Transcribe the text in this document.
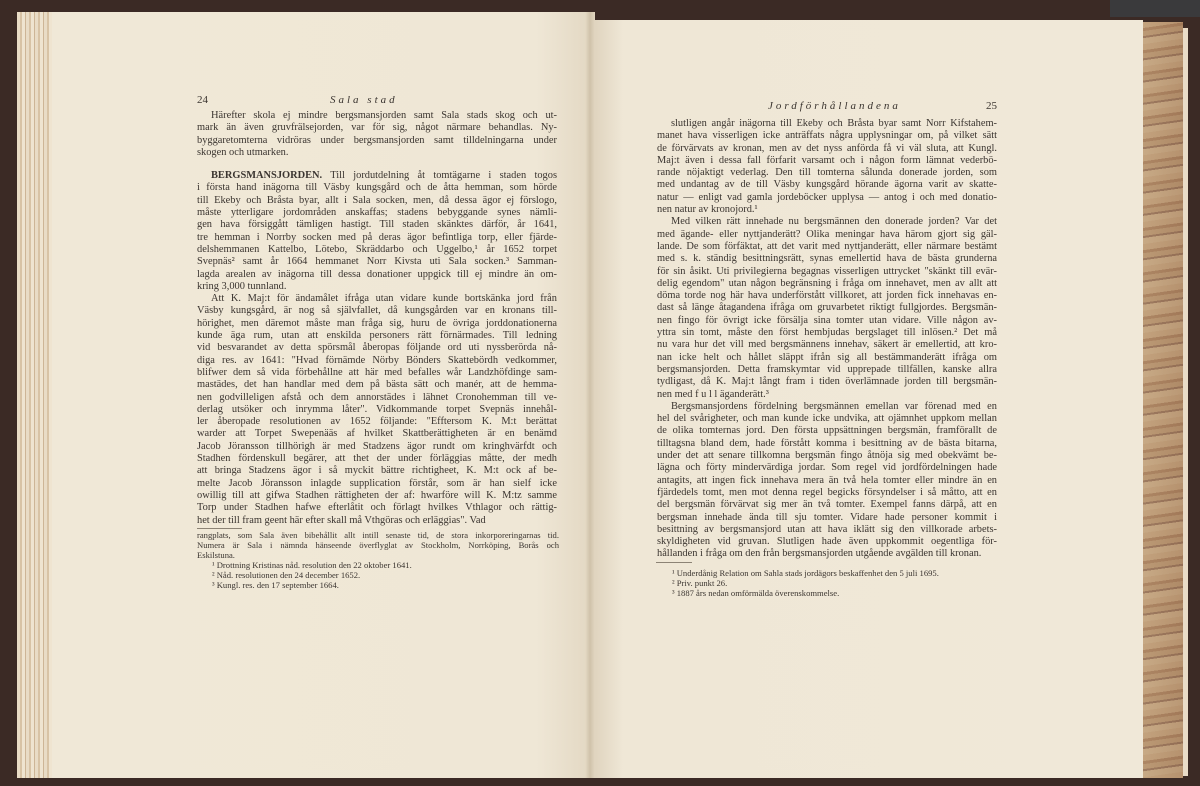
24	Sala stad
Härefter skola ej mindre bergsmansjorden samt Sala stads skog och ut-
mark än även gruvfrälsejorden, var för sig, något närmare behandlas. Ny-
byggaretomterna vidröras under bergsmansjorden samt tilldelningarna under
skogen och utmarken.
BERGSMANSJORDEN. Till jordutdelning åt tomtägarne i staden togos
i första hand inägorna till Väsby kungsgård och de åtta hemman, som hörde
till Ekeby och Bråsta byar, allt i Sala socken, men, då dessa ägor ej förslogo,
måste ytterligare jordområden anskaffas; stadens bebyggande synes nämli-
gen hava försiggått tämligen hastigt. Till staden skänktes därför, år 1641,
tre hemman i Norrby socken med på deras ägor befintliga torp, eller fjärde-
delshemmanen Kattelbo, Lötebo, Skräddarbo och Uggelbo,¹ år 1652 torpet
Svepnäs² samt år 1664 hemmanet Norr Kivsta uti Sala socken.³ Samman-
lagda arealen av inägorna till dessa donationer uppgick till ej mindre än om-
kring 3,000 tunnland.
Att K. Maj:t för ändamålet ifråga utan vidare kunde bortskänka jord från
Väsby kungsgård, är nog så självfallet, då kungsgården var en kronans till-
hörighet, men däremot måste man fråga sig, huru de övriga jorddonationerna
kunde äga rum, utan att enskilda personers rätt förnärmades. Till ledning
vid besvarandet av detta spörsmål åberopas följande ord uti nyssberörda nå-
diga res. av 1641: "Hvad förnämde Nörby Bönders Skattebördh vedkommer,
blifwer dem så vida förbehållne att här med befalles wår Landzhöfdinge sam-
mastädes, det han handlar med dem på bästa sätt och manér, att de hemma-
nen godvilleligen afstå och dem annorstädes i lähnet Cronohemman till ve-
derlag utsöker och inrymma låter". Vidkommande torpet Svepnäs innehål-
ler åberopade resolutionen av 1652 följande: "Efftersom K. M:t berättat
warder att Torpet Swepenääs af hvilket Skattberättigheten är en benämd
Jacob Jöransson tillhörigh är med Stadzens ägor rundt om kringhvärfdt och
Stadhen fördenskull begärer, att thet der under förläggias måtte, der medh
att bringa Stadzens ägor i så myckit bättre richtigheet, K. M:t ock af be-
melte Jacob Jöransson inlagde supplication förstår, som är han sielf icke
owillig till att gifwa Stadhen rättigheten der af: hwarföre will K. M:tz samme
Torp under Stadhen hafwe efterlåtit och förlagt hvilkes Vthlagor och rättig-
het der till fram geent här efter skall må Vthgöras och erläggias". Vad
rangplats, som Sala även bibehållit allt intill senaste tid, de stora inkorporeringarnas tid.
Numera är Sala i nämnda hänseende överflyglat av Stockholm, Norrköping, Borås och
Eskilstuna.
¹ Drottning Kristinas nåd. resolution den 22 oktober 1641.
² Nåd. resolutionen den 24 december 1652.
³ Kungl. res. den 17 september 1664.
Jordförhållandena	25
slutligen angår inägorna till Ekeby och Bråsta byar samt Norr Kifstahem-
manet hava visserligen icke anträffats några upplysningar om, på vilket sätt
de förvärvats av kronan, men av det nyss anförda få vi väl sluta, att Kungl.
Maj:t även i dessa fall förfarit varsamt och i någon form lämnat vederbö-
rande nöjaktigt vederlag. Den till tomterna sålunda donerade jorden, som
med undantag av de till Väsby kungsgård hörande ägorna varit av skatte-
natur — enligt vad gamla jordeböcker upplysa — antog i och med donatio-
nen natur av kronojord.¹
Med vilken rätt innehade nu bergsmännen den donerade jorden? Var det
med ägande- eller nyttjanderätt? Olika meningar hava härom gjort sig gäl-
lande. De som förfäktat, att det varit med nyttjanderätt, eller närmare bestämt
med s. k. ständig besittningsrätt, synas emellertid hava de bästa grunderna
för sin åsikt. Uti privilegierna begagnas visserligen uttrycket "skänkt till evär-
delig egendom" utan någon begränsning i fråga om innehavet, men av allt att
döma torde nog här hava underförstått villkoret, att jorden fick innehavas en-
dast så länge åtagandena ifråga om gruvarbetet riktigt fullgjordes. Bergsmän-
nen fingo för övrigt icke försälja sina tomter utan vidare. Ville någon av-
yttra sin tomt, måste den först hembjudas bergslaget till inlösen.² Det må
nu vara hur det vill med bergsmännens innehav, säkert är emellertid, att kro-
nan icke helt och hållet släppt ifrån sig all bestämmanderätt ifråga om
bergsmansjorden. Detta framskymtar vid upprepade tillfällen, kanske allra
tydligast, då K. Maj:t långt fram i tiden överlämnade jorden till bergsmän-
nen med f u l l äganderätt.³
Bergsmansjordens fördelning bergsmännen emellan var förenad med en
hel del svårigheter, och man kunde icke undvika, att ojämnhet uppkom mellan
de olika tomternas jord. Den första uppsättningen bergsmän, framförallt de
tilltagsna bland dem, hade förstått komma i besittning av de bästa bitarna,
under det att senare tillkomna bergsmän fingo åtnöja sig med obekvämt be-
lägna och förty mindervärdiga jordar. Som regel vid jordfördelningen hade
antagits, att ingen fick innehava mera än två hela tomter eller mindre än en
fjärdedels tomt, men mot denna regel begicks försyndelser i så måtto, att en
del bergsmän förvärvat sig mer än två tomter. Exempel fanns därpå, att en
bergsman innehade ända till sju tomter. Vidare hade personer kommit i
besittning av bergsmansjord utan att hava iklätt sig den villkorade arbets-
skyldigheten vid gruvan. Slutligen hade även uppkommit oegentliga för-
hållanden i fråga om den från bergsmansjorden utgående avgälden till kronan.
¹ Underdånig Relation om Sahla stads jordägors beskaffenhet den 5 juli 1695.
² Priv. punkt 26.
³ 1887 års nedan omförmälda överenskommelse.
